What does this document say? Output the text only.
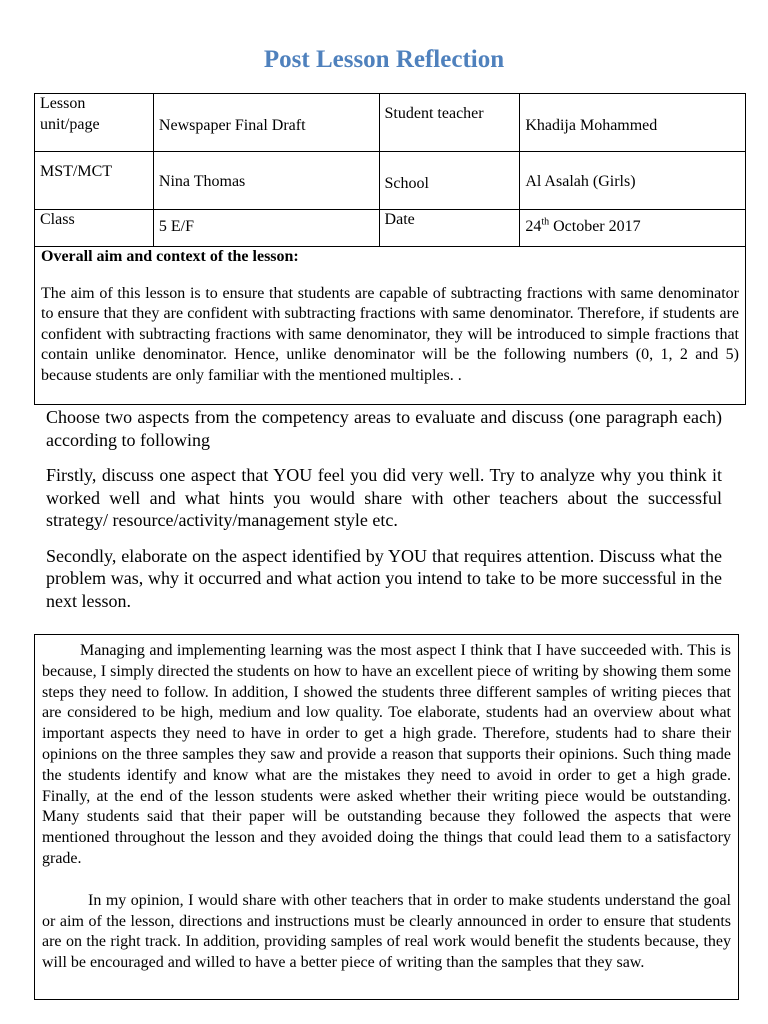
Post Lesson Reflection
Lesson unit/page	Newspaper Final Draft	Student teacher	Khadija Mohammed
MST/MCT	Nina Thomas	School	Al Asalah (Girls)
Class	5 E/F	Date	24th October 2017

Overall aim and context of the lesson:
The aim of this lesson is to ensure that students are capable of subtracting fractions with same denominator to ensure that they are confident with subtracting fractions with same denominator. Therefore, if students are confident with subtracting fractions with same denominator, they will be introduced to simple fractions that contain unlike denominator. Hence, unlike denominator will be the following numbers (0, 1, 2 and 5) because students are only familiar with the mentioned multiples. .			

Choose two aspects from the competency areas to evaluate and discuss (one paragraph each) according to following

Firstly, discuss one aspect that YOU feel you did very well. Try to analyze why you think it worked well and what hints you would share with other teachers about the successful strategy/ resource/activity/management style etc.

Secondly, elaborate on the aspect identified by YOU that requires attention. Discuss what the problem was, why it occurred and what action you intend to take to be more successful in the next lesson.

Managing and implementing learning was the most aspect I think that I have succeeded with. This is because, I simply directed the students on how to have an excellent piece of writing by showing them some steps they need to follow. In addition, I showed the students three different samples of writing pieces that are considered to be high, medium and low quality. Toe elaborate, students had an overview about what important aspects they need to have in order to get a high grade. Therefore, students had to share their opinions on the three samples they saw and provide a reason that supports their opinions. Such thing made the students identify and know what are the mistakes they need to avoid in order to get a high grade. Finally, at the end of the lesson students were asked whether their writing piece would be outstanding. Many students said that their paper will be outstanding because they followed the aspects that were mentioned throughout the lesson and they avoided doing the things that could lead them to a satisfactory grade.

In my opinion, I would share with other teachers that in order to make students understand the goal or aim of the lesson, directions and instructions must be clearly announced in order to ensure that students are on the right track. In addition, providing samples of real work would benefit the students because, they will be encouraged and willed to have a better piece of writing than the samples that they saw.
